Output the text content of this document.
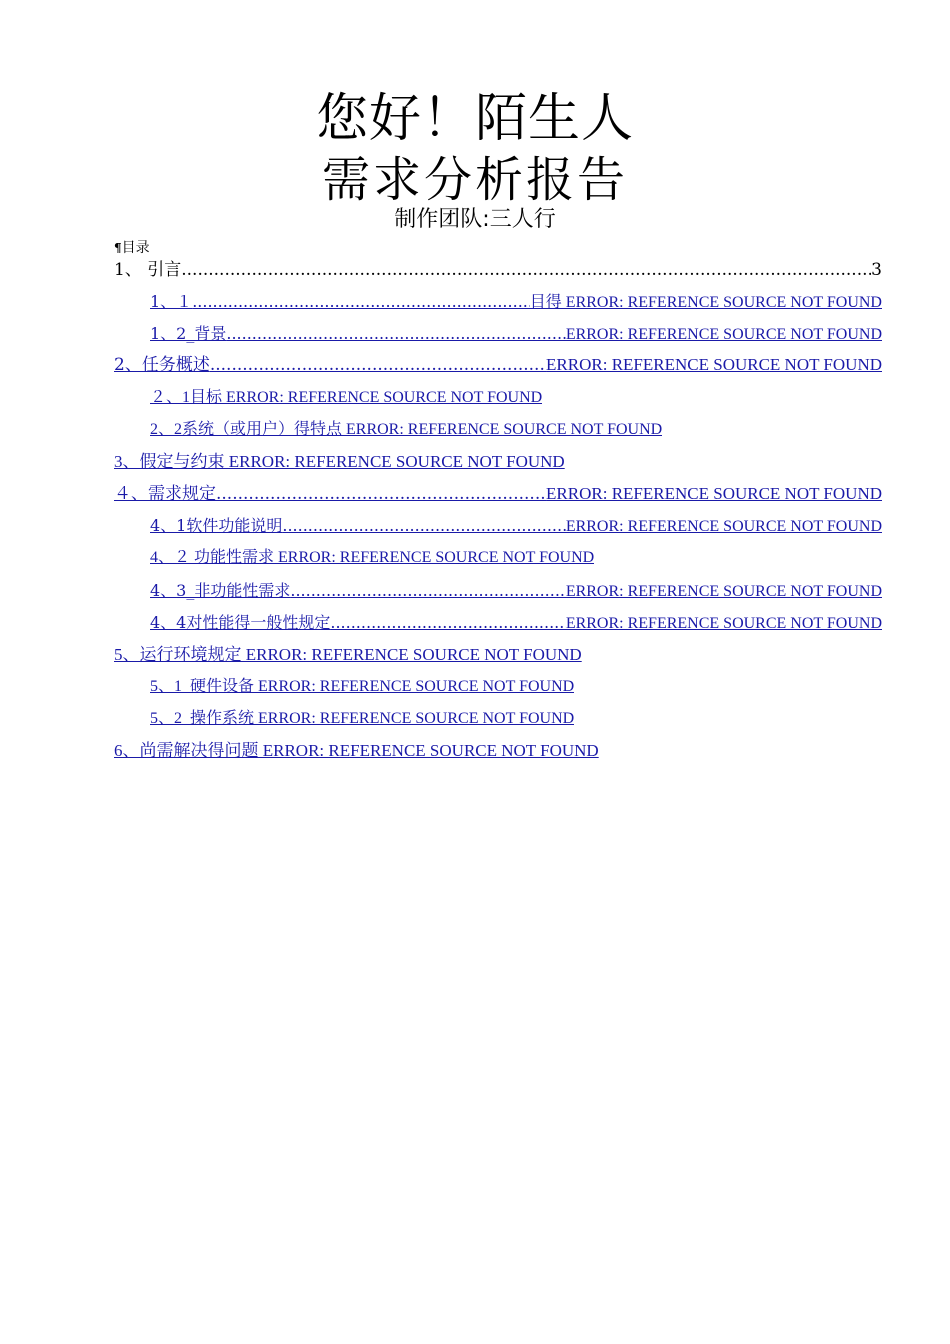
您好！陌生人
需求分析报告
制作团队:三人行
¶目录
1、 引言 .....	3
1、１ .....	目得 ERROR: REFERENCE SOURCE NOT FOUND
1、2_背景 .....	ERROR: REFERENCE SOURCE NOT FOUND
2、任务概述 .....	ERROR: REFERENCE SOURCE NOT FOUND
２、1目标 ERROR: REFERENCE SOURCE NOT FOUND
2、2系统（或用户）得特点 ERROR: REFERENCE SOURCE NOT FOUND
3、假定与约束 ERROR: REFERENCE SOURCE NOT FOUND
４、需求规定 .....	ERROR: REFERENCE SOURCE NOT FOUND
4、1软件功能说明 .....	ERROR: REFERENCE SOURCE NOT FOUND
4、２ 功能性需求 ERROR: REFERENCE SOURCE NOT FOUND
4、3_非功能性需求 .....	ERROR: REFERENCE SOURCE NOT FOUND
4、4对性能得一般性规定 .....	ERROR: REFERENCE SOURCE NOT FOUND
5、运行环境规定 ERROR: REFERENCE SOURCE NOT FOUND
5、1_硬件设备 ERROR: REFERENCE SOURCE NOT FOUND
5、2_操作系统 ERROR: REFERENCE SOURCE NOT FOUND
6、尚需解决得问题 ERROR: REFERENCE SOURCE NOT FOUND
